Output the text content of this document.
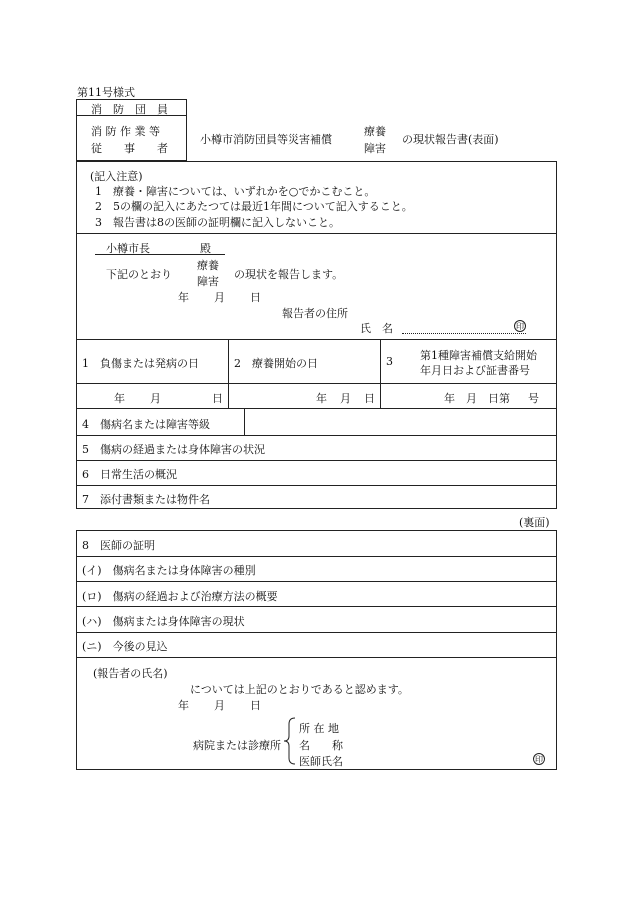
第11号様式
消　防　団　員
消 防 作 業 等
従　　事　　者
小樽市消防団員等災害補償
療養
障害
の現状報告書(表面)
(記入注意)
1　療養・障害については、いずれかを○でかこむこと。
2　5の欄の記入にあたつては最近1年間について記入すること。
3　報告書は8の医師の証明欄に記入しないこと。
小樽市長	殿
下記のとおり
療養
障害
の現状を報告します。
年 月 日
報告者の住所
氏　名	印
1　負傷または発病の日	2　療養開始の日	3 第1種障害補償支給開始
年月日および証書番号
年 月	日	年 月 日	年 月 日第 号
4　傷病名または障害等級
5　傷病の経過または身体障害の状況
6　日常生活の概況
7　添付書類または物件名
(裏面)
8　医師の証明
(イ)　傷病名または身体障害の種別
(ロ)　傷病の経過および治療方法の概要
(ハ)　傷病または身体障害の現状
(ニ)　今後の見込
(報告者の氏名)
については上記のとおりであると認めます。
年 月 日
病院または診療所
所 在 地
名　　称
医師氏名	印
